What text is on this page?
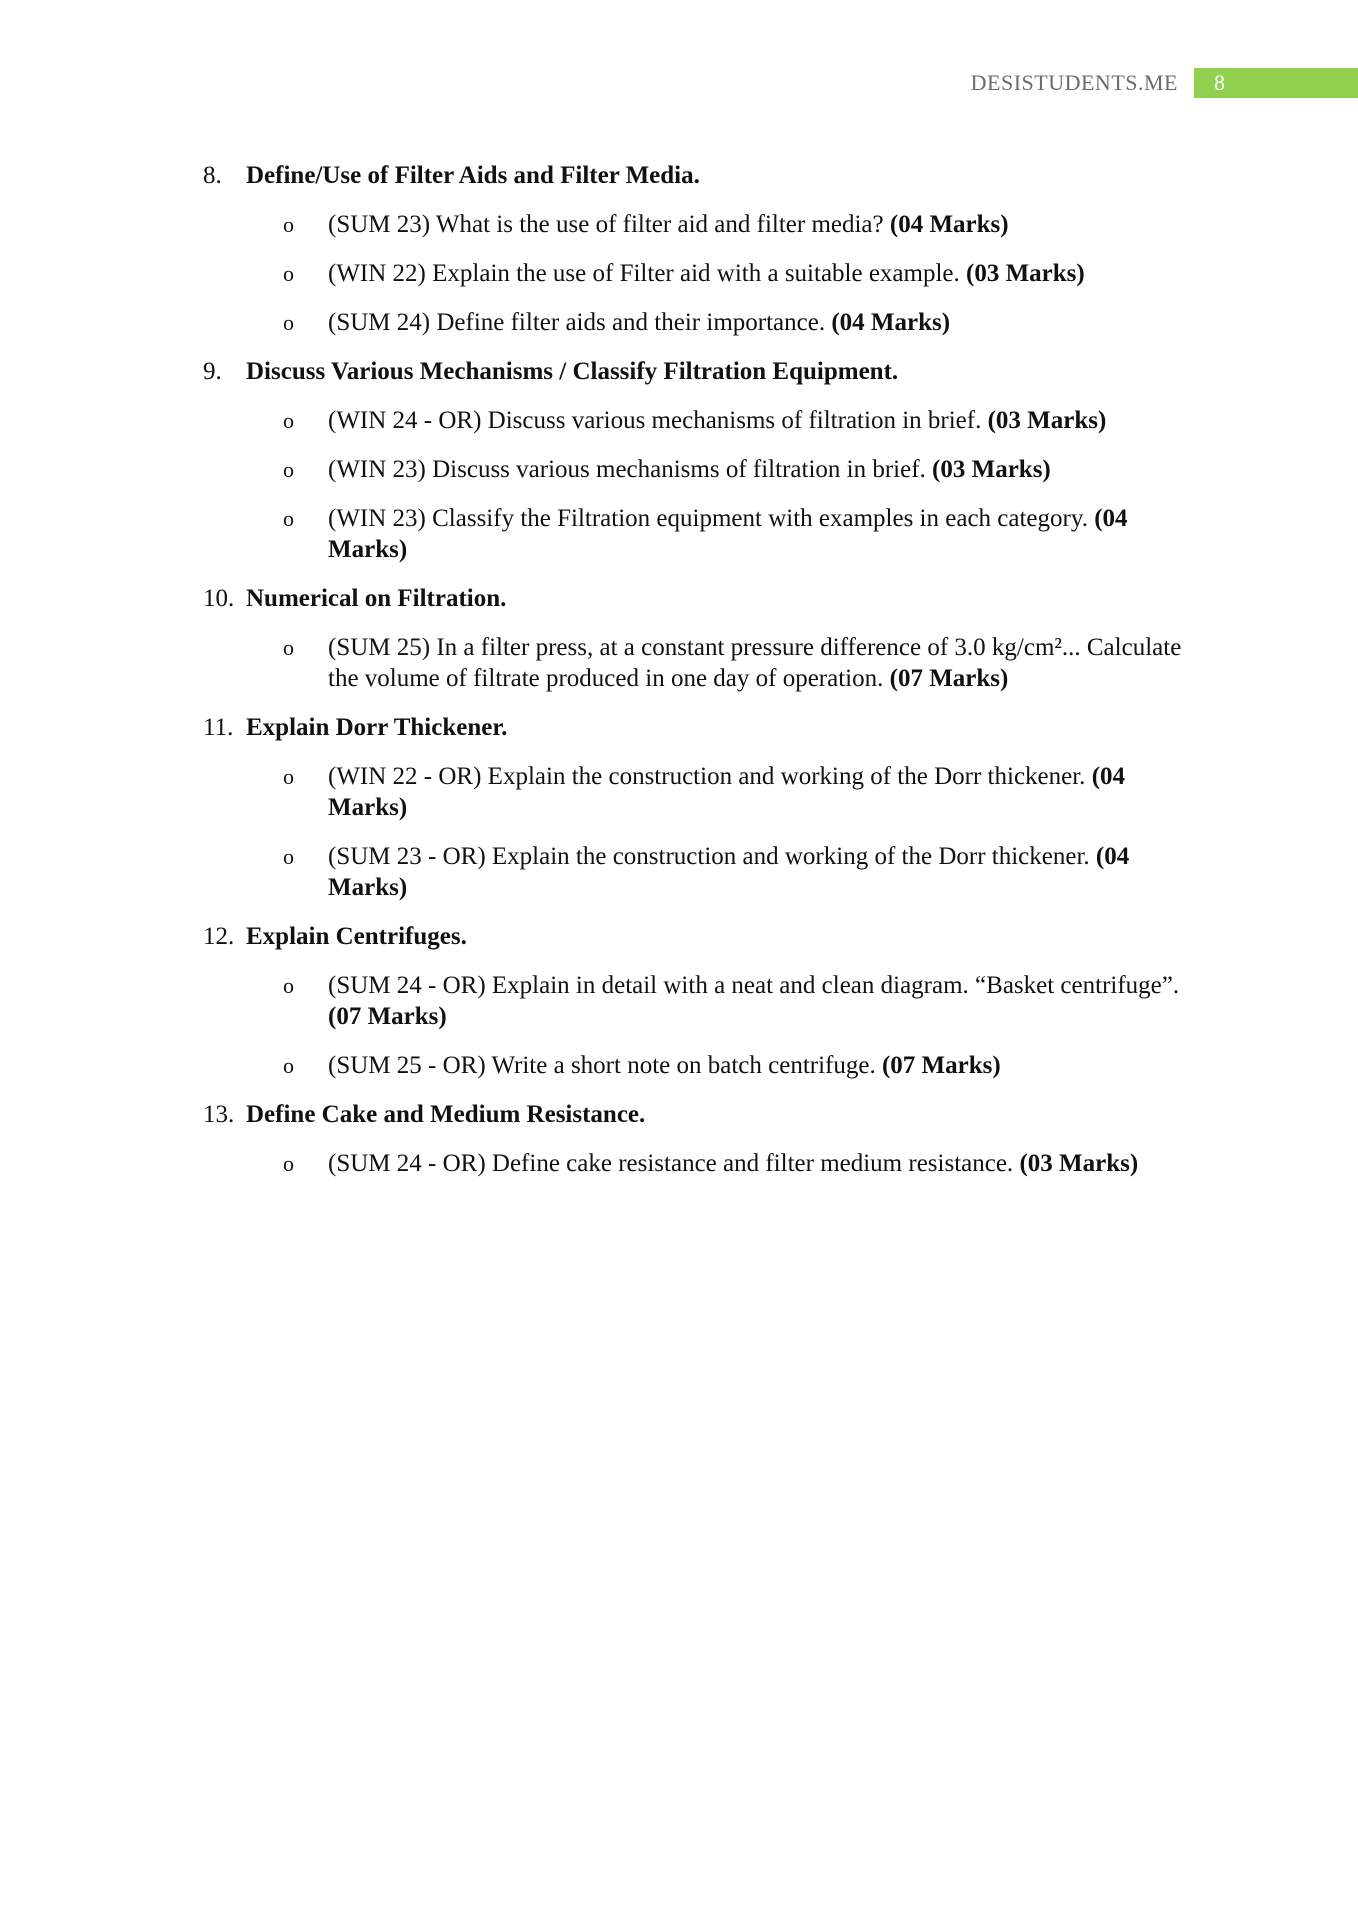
DESISTUDENTS.ME	8
8. Define/Use of Filter Aids and Filter Media.
o	(SUM 23) What is the use of filter aid and filter media? (04 Marks)
o	(WIN 22) Explain the use of Filter aid with a suitable example. (03 Marks)
o	(SUM 24) Define filter aids and their importance. (04 Marks)
9. Discuss Various Mechanisms / Classify Filtration Equipment.
o	(WIN 24 - OR) Discuss various mechanisms of filtration in brief. (03 Marks)
o	(WIN 23) Discuss various mechanisms of filtration in brief. (03 Marks)
o	(WIN 23) Classify the Filtration equipment with examples in each category. (04 Marks)
10. Numerical on Filtration.
o	(SUM 25) In a filter press, at a constant pressure difference of 3.0 kg/cm²... Calculate the volume of filtrate produced in one day of operation. (07 Marks)
11. Explain Dorr Thickener.
o	(WIN 22 - OR) Explain the construction and working of the Dorr thickener. (04 Marks)
o	(SUM 23 - OR) Explain the construction and working of the Dorr thickener. (04 Marks)
12. Explain Centrifuges.
o	(SUM 24 - OR) Explain in detail with a neat and clean diagram. “Basket centrifuge”. (07 Marks)
o	(SUM 25 - OR) Write a short note on batch centrifuge. (07 Marks)
13. Define Cake and Medium Resistance.
o	(SUM 24 - OR) Define cake resistance and filter medium resistance. (03 Marks)
